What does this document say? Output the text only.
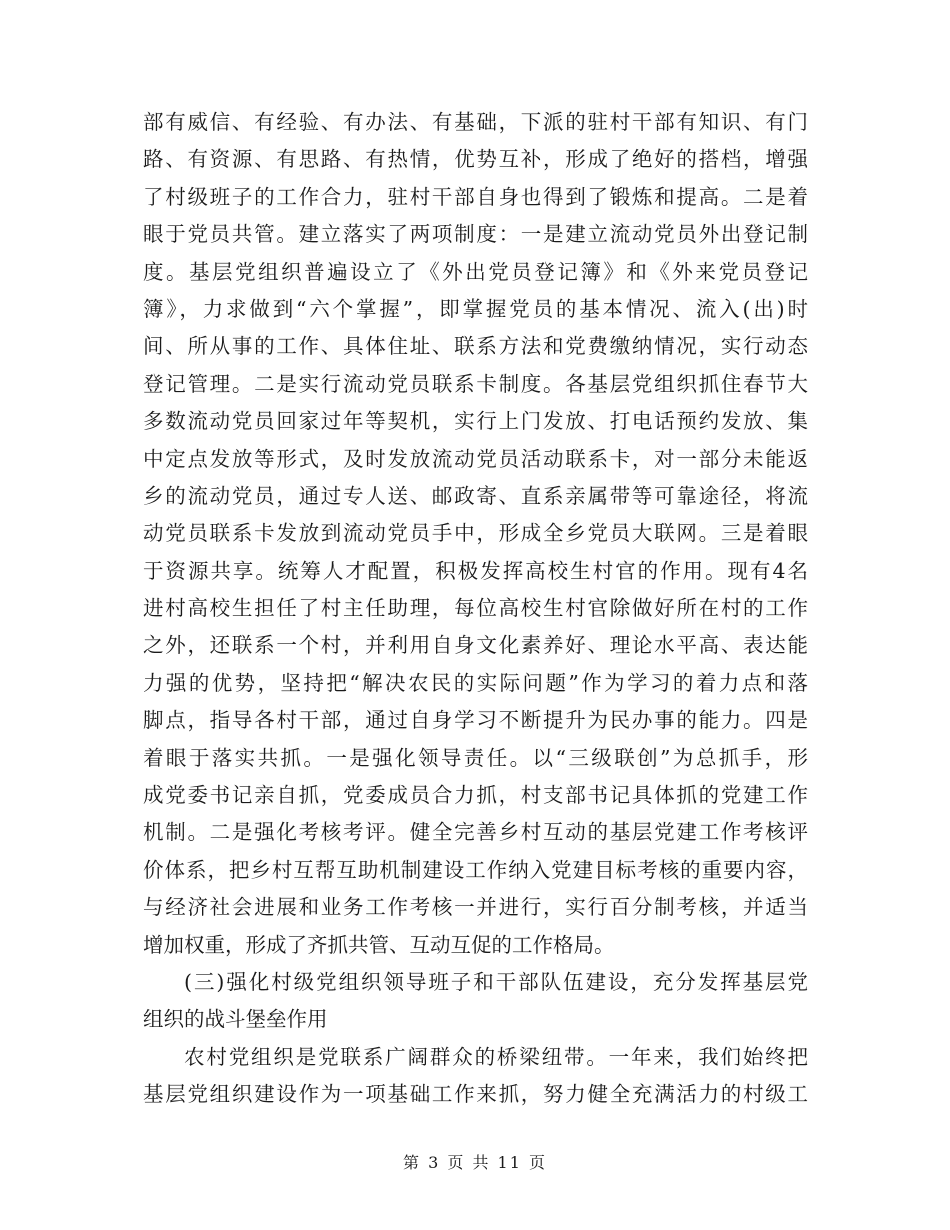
部有威信、有经验、有办法、有基础，下派的驻村干部有知识、有门
路、有资源、有思路、有热情，优势互补，形成了绝好的搭档，增强
了村级班子的工作合力，驻村干部自身也得到了锻炼和提高。二是着
眼于党员共管。建立落实了两项制度：一是建立流动党员外出登记制
度。基层党组织普遍设立了《外出党员登记簿》和《外来党员登记
簿》，力求做到“六个掌握”，即掌握党员的基本情况、流入(出)时
间、所从事的工作、具体住址、联系方法和党费缴纳情况，实行动态
登记管理。二是实行流动党员联系卡制度。各基层党组织抓住春节大
多数流动党员回家过年等契机，实行上门发放、打电话预约发放、集
中定点发放等形式，及时发放流动党员活动联系卡，对一部分未能返
乡的流动党员，通过专人送、邮政寄、直系亲属带等可靠途径，将流
动党员联系卡发放到流动党员手中，形成全乡党员大联网。三是着眼
于资源共享。统筹人才配置，积极发挥高校生村官的作用。现有4名
进村高校生担任了村主任助理，每位高校生村官除做好所在村的工作
之外，还联系一个村，并利用自身文化素养好、理论水平高、表达能
力强的优势，坚持把“解决农民的实际问题”作为学习的着力点和落
脚点，指导各村干部，通过自身学习不断提升为民办事的能力。四是
着眼于落实共抓。一是强化领导责任。以“三级联创”为总抓手，形
成党委书记亲自抓，党委成员合力抓，村支部书记具体抓的党建工作
机制。二是强化考核考评。健全完善乡村互动的基层党建工作考核评
价体系，把乡村互帮互助机制建设工作纳入党建目标考核的重要内容，
与经济社会进展和业务工作考核一并进行，实行百分制考核，并适当
增加权重，形成了齐抓共管、互动互促的工作格局。
(三)强化村级党组织领导班子和干部队伍建设，充分发挥基层党
组织的战斗堡垒作用
农村党组织是党联系广阔群众的桥梁纽带。一年来，我们始终把
基层党组织建设作为一项基础工作来抓，努力健全充满活力的村级工
第 3 页 共 11 页
